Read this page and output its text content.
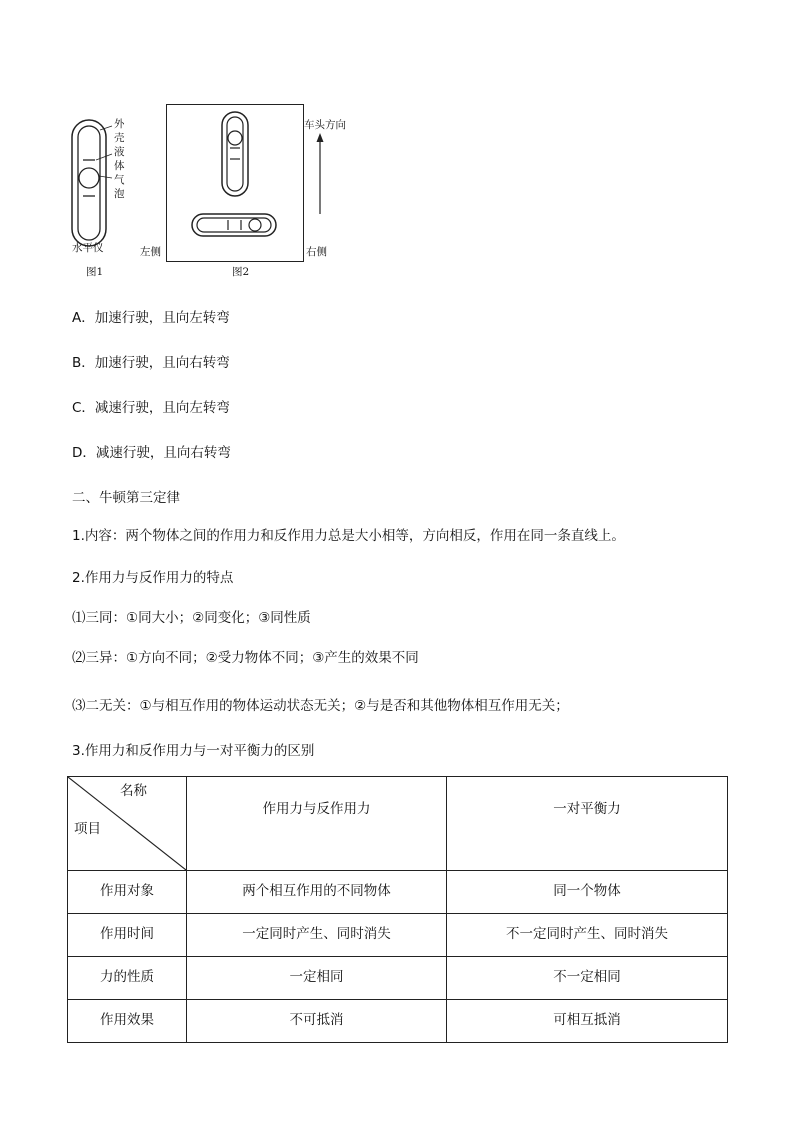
外
壳
液
体
气
泡
水平仪
图1
车头方向
左侧	右侧
图2
A．加速行驶，且向左转弯
B．加速行驶，且向右转弯
C．减速行驶，且向左转弯
D．减速行驶，且向右转弯
二、牛顿第三定律
1.内容：两个物体之间的作用力和反作用力总是大小相等，方向相反，作用在同一条直线上。
2.作用力与反作用力的特点
⑴三同：①同大小；②同变化；③同性质
⑵三异：①方向不同；②受力物体不同；③产生的效果不同
⑶二无关：①与相互作用的物体运动状态无关；②与是否和其他物体相互作用无关；
3.作用力和反作用力与一对平衡力的区别
名称
项目	作用力与反作用力	一对平衡力
作用对象	两个相互作用的不同物体	同一个物体
作用时间	一定同时产生、同时消失	不一定同时产生、同时消失
力的性质	一定相同	不一定相同
作用效果	不可抵消	可相互抵消
